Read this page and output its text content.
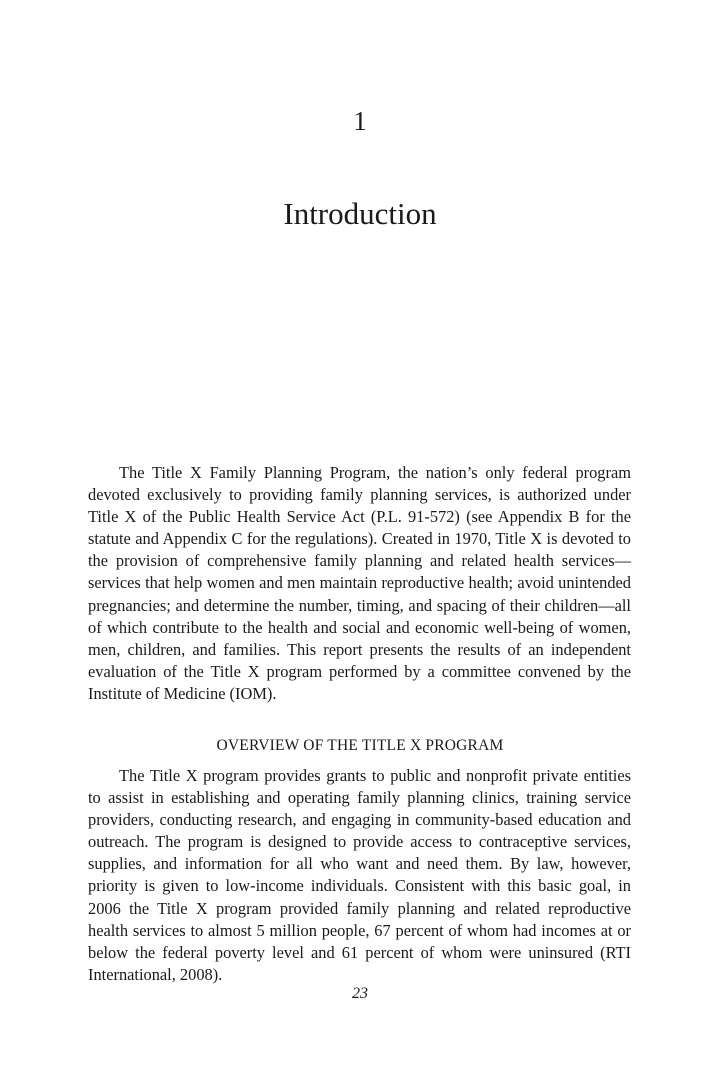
1
Introduction

The Title X Family Planning Program, the nation’s only federal program devoted exclusively to providing family planning services, is authorized under Title X of the Public Health Service Act (P.L. 91-572) (see Appendix B for the statute and Appendix C for the regulations). Created in 1970, Title X is devoted to the provision of comprehensive family planning and related health services—services that help women and men maintain reproductive health; avoid unintended pregnancies; and determine the number, timing, and spacing of their children—all of which contribute to the health and social and economic well-being of women, men, children, and families. This report presents the results of an independent evaluation of the Title X program performed by a committee convened by the Institute of Medicine (IOM).

OVERVIEW OF THE TITLE X PROGRAM

The Title X program provides grants to public and nonprofit private entities to assist in establishing and operating family planning clinics, training service providers, conducting research, and engaging in community-based education and outreach. The program is designed to provide access to contraceptive services, supplies, and information for all who want and need them. By law, however, priority is given to low-income individuals. Consistent with this basic goal, in 2006 the Title X program provided family planning and related reproductive health services to almost 5 million people, 67 percent of whom had incomes at or below the federal poverty level and 61 percent of whom were uninsured (RTI International, 2008).

23
